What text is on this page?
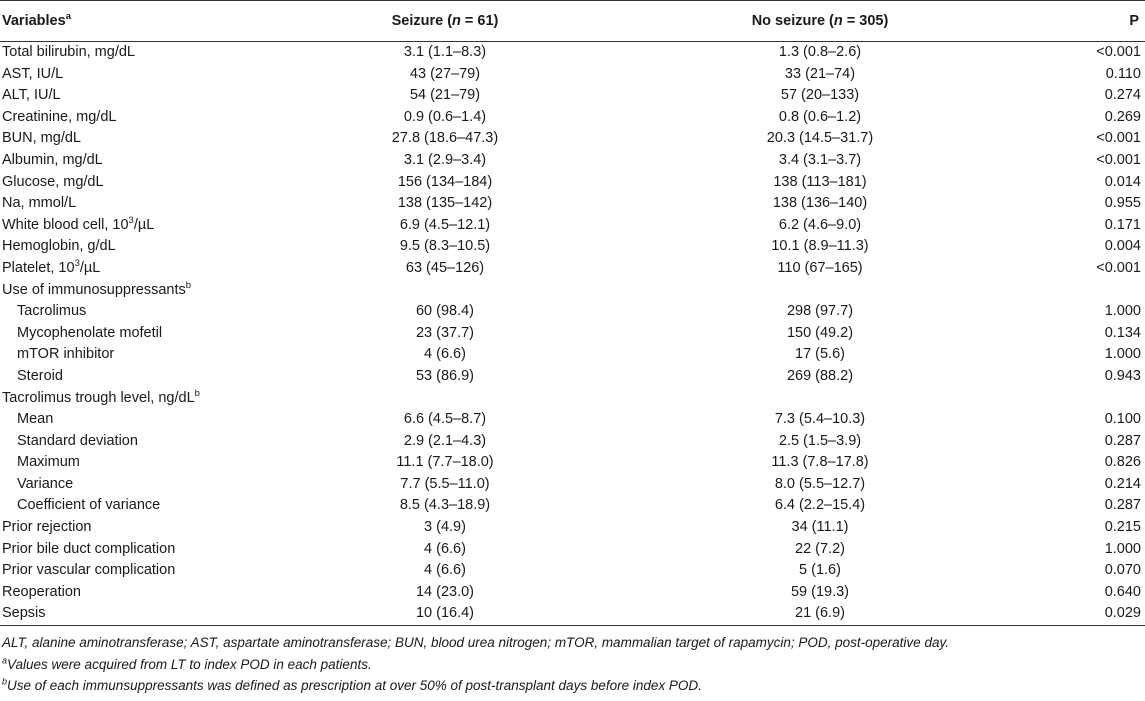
Variables$^a$	Seizure (n = 61)	No seizure (n = 305)	P
Total bilirubin, mg/dL	3.1 (1.1–8.3)	1.3 (0.8–2.6)	<0.001
AST, IU/L	43 (27–79)	33 (21–74)	0.110
ALT, IU/L	54 (21–79)	57 (20–133)	0.274
Creatinine, mg/dL	0.9 (0.6–1.4)	0.8 (0.6–1.2)	0.269
BUN, mg/dL	27.8 (18.6–47.3)	20.3 (14.5–31.7)	<0.001
Albumin, mg/dL	3.1 (2.9–3.4)	3.4 (3.1–3.7)	<0.001
Glucose, mg/dL	156 (134–184)	138 (113–181)	0.014
Na, mmol/L	138 (135–142)	138 (136–140)	0.955
White blood cell, $10^3/\mu L$	6.9 (4.5–12.1)	6.2 (4.6–9.0)	0.171
Hemoglobin, g/dL	9.5 (8.3–10.5)	10.1 (8.9–11.3)	0.004
Platelet, $10^3/\mu L$	63 (45–126)	110 (67–165)	<0.001
Use of immunosuppressants$^b$			
Tacrolimus	60 (98.4)	298 (97.7)	1.000
Mycophenolate mofetil	23 (37.7)	150 (49.2)	0.134
mTOR inhibitor	4 (6.6)	17 (5.6)	1.000
Steroid	53 (86.9)	269 (88.2)	0.943
Tacrolimus trough level, $ng/dL^b$			
Mean	6.6 (4.5–8.7)	7.3 (5.4–10.3)	0.100
Standard deviation	2.9 (2.1–4.3)	2.5 (1.5–3.9)	0.287
Maximum	11.1 (7.7–18.0)	11.3 (7.8–17.8)	0.826
Variance	7.7 (5.5–11.0)	8.0 (5.5–12.7)	0.214
Coefficient of variance	8.5 (4.3–18.9)	6.4 (2.2–15.4)	0.287
Prior rejection	3 (4.9)	34 (11.1)	0.215
Prior bile duct complication	4 (6.6)	22 (7.2)	1.000
Prior vascular complication	4 (6.6)	5 (1.6)	0.070
Reoperation	14 (23.0)	59 (19.3)	0.640
Sepsis	10 (16.4)	21 (6.9)	0.029
ALT, alanine aminotransferase; AST, aspartate aminotransferase; BUN, blood urea nitrogen; mTOR, mammalian target of rapamycin; POD, post-operative day.
$^a$Values were acquired from LT to index POD in each patients.
$^b$Use of each immunsuppressants was defined as prescription at over 50% of post-transplant days before index POD.
